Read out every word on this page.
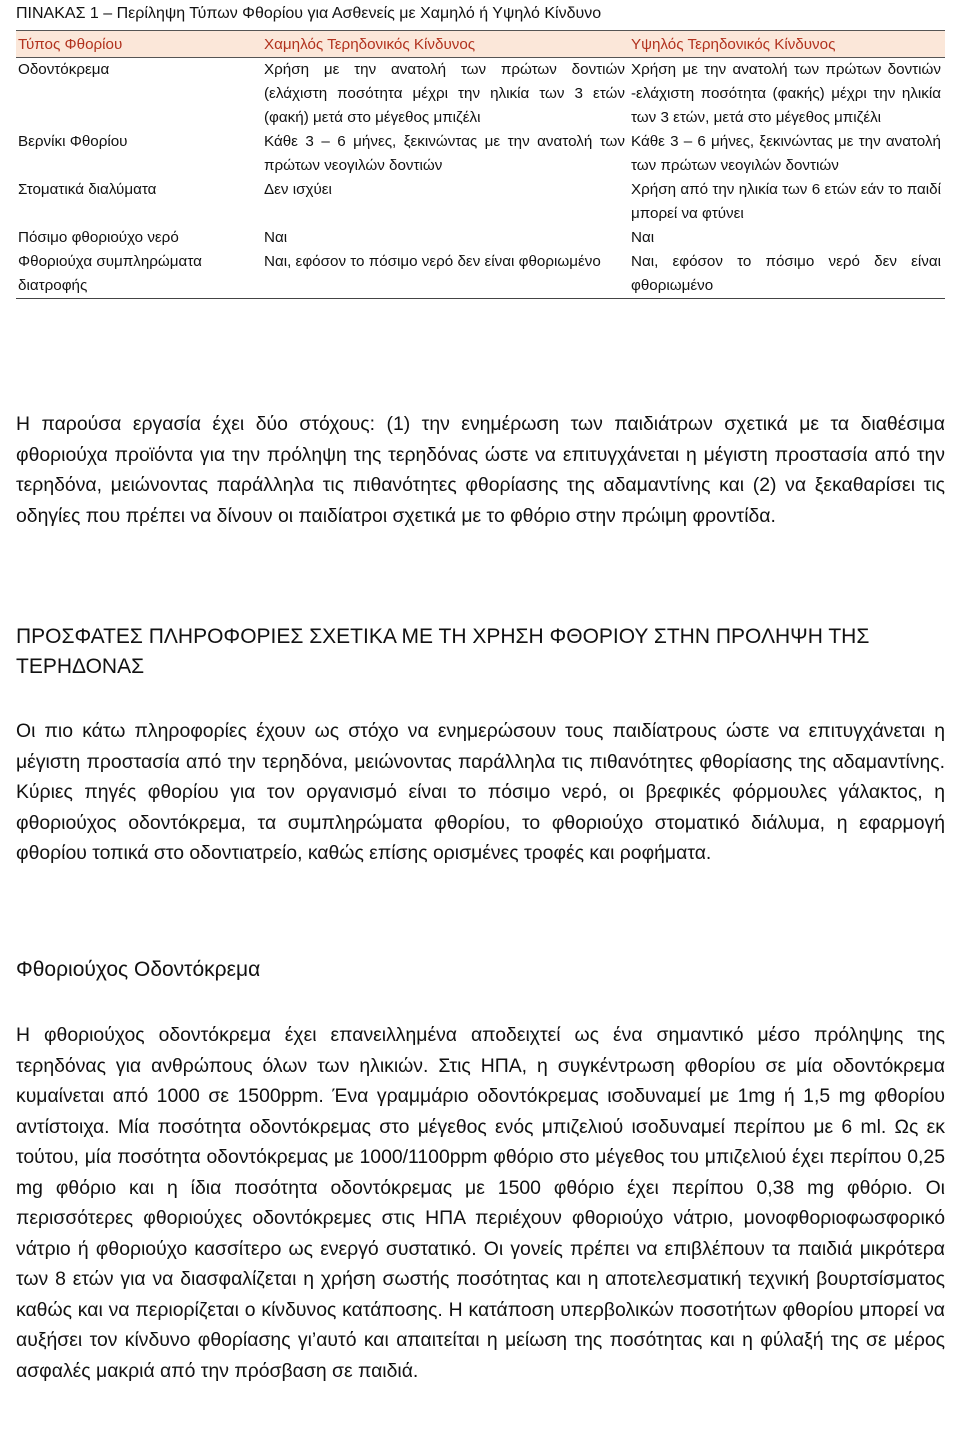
ΠΙΝΑΚΑΣ 1 – Περίληψη Τύπων Φθορίου για Ασθενείς με Χαμηλό ή Υψηλό Κίνδυνο
Τύπος Φθορίου	Χαμηλός Τερηδονικός Κίνδυνος	Υψηλός Τερηδονικός Κίνδυνος
Οδοντόκρεμα	Χρήση με την ανατολή των πρώτων δοντιών (ελάχιστη ποσότητα μέχρι την ηλικία των 3 ετών (φακή) μετά στο μέγεθος μπιζέλι	Χρήση με την ανατολή των πρώτων δοντιών -ελάχιστη ποσότητα (φακής) μέχρι την ηλικία των 3 ετών, μετά στο μέγεθος μπιζέλι
Βερνίκι Φθορίου	Κάθε 3 – 6 μήνες, ξεκινώντας με την ανατολή των πρώτων νεογιλών δοντιών	Κάθε 3 – 6 μήνες, ξεκινώντας με την ανατολή των πρώτων νεογιλών δοντιών
Στοματικά διαλύματα	Δεν ισχύει	Χρήση από την ηλικία των 6 ετών εάν το παιδί μπορεί να φτύνει
Πόσιμο φθοριούχο νερό	Ναι	Ναι
Φθοριούχα συμπληρώματα διατροφής	Ναι, εφόσον το πόσιμο νερό δεν είναι φθοριωμένο	Ναι, εφόσον το πόσιμο νερό δεν είναι φθοριωμένο

Η παρούσα εργασία έχει δύο στόχους: (1) την ενημέρωση των παιδιάτρων σχετικά με τα διαθέσιμα φθοριούχα προϊόντα για την πρόληψη της τερηδόνας ώστε να επιτυγχάνεται η μέγιστη προστασία από την τερηδόνα, μειώνοντας παράλληλα τις πιθανότητες φθορίασης της αδαμαντίνης και (2) να ξεκαθαρίσει τις οδηγίες που πρέπει να δίνουν οι παιδίατροι σχετικά με το φθόριο στην πρώιμη φροντίδα.

ΠΡΟΣΦΑΤΕΣ ΠΛΗΡΟΦΟΡΙΕΣ ΣΧΕΤΙΚΑ ΜΕ ΤΗ ΧΡΗΣΗ ΦΘΟΡΙΟΥ ΣΤΗΝ ΠΡΟΛΗΨΗ ΤΗΣ ΤΕΡΗΔΟΝΑΣ

Οι πιο κάτω πληροφορίες έχουν ως στόχο να ενημερώσουν τους παιδίατρους ώστε να επιτυγχάνεται η μέγιστη προστασία από την τερηδόνα, μειώνοντας παράλληλα τις πιθανότητες φθορίασης της αδαμαντίνης. Κύριες πηγές φθορίου για τον οργανισμό είναι το πόσιμο νερό, οι βρεφικές φόρμουλες γάλακτος, η φθοριούχος οδοντόκρεμα, τα συμπληρώματα φθορίου, το φθοριούχο στοματικό διάλυμα, η εφαρμογή φθορίου τοπικά στο οδοντιατρείο, καθώς επίσης ορισμένες τροφές και ροφήματα.

Φθοριούχος Οδοντόκρεμα

Η φθοριούχος οδοντόκρεμα έχει επανειλλημένα αποδειχτεί ως ένα σημαντικό μέσο πρόληψης της τερηδόνας για ανθρώπους όλων των ηλικιών. Στις ΗΠΑ, η συγκέντρωση φθορίου σε μία οδοντόκρεμα κυμαίνεται από 1000 σε 1500ppm. Ένα γραμμάριο οδοντόκρεμας ισοδυναμεί με 1mg ή 1,5 mg φθορίου αντίστοιχα. Μία ποσότητα οδοντόκρεμας στο μέγεθος ενός μπιζελιού ισοδυναμεί περίπου με 6 ml. Ως εκ τούτου, μία ποσότητα οδοντόκρεμας με 1000/1100ppm φθόριο στο μέγεθος του μπιζελιού έχει περίπου 0,25 mg φθόριο και η ίδια ποσότητα οδοντόκρεμας με 1500 φθόριο έχει περίπου 0,38 mg φθόριο. Οι περισσότερες φθοριούχες οδοντόκρεμες στις ΗΠΑ περιέχουν φθοριούχο νάτριο, μονοφθοριοφωσφορικό νάτριο ή φθοριούχο κασσίτερο ως ενεργό συστατικό. Οι γονείς πρέπει να επιβλέπουν τα παιδιά μικρότερα των 8 ετών για να διασφαλίζεται η χρήση σωστής ποσότητας και η αποτελεσματική τεχνική βουρτσίσματος καθώς και να περιορίζεται ο κίνδυνος κατάποσης. Η κατάποση υπερβολικών ποσοτήτων φθορίου μπορεί να αυξήσει τον κίνδυνο φθορίασης γι’αυτό και απαιτείται η μείωση της ποσότητας και η φύλαξή της σε μέρος ασφαλές μακριά από την πρόσβαση σε παιδιά.
